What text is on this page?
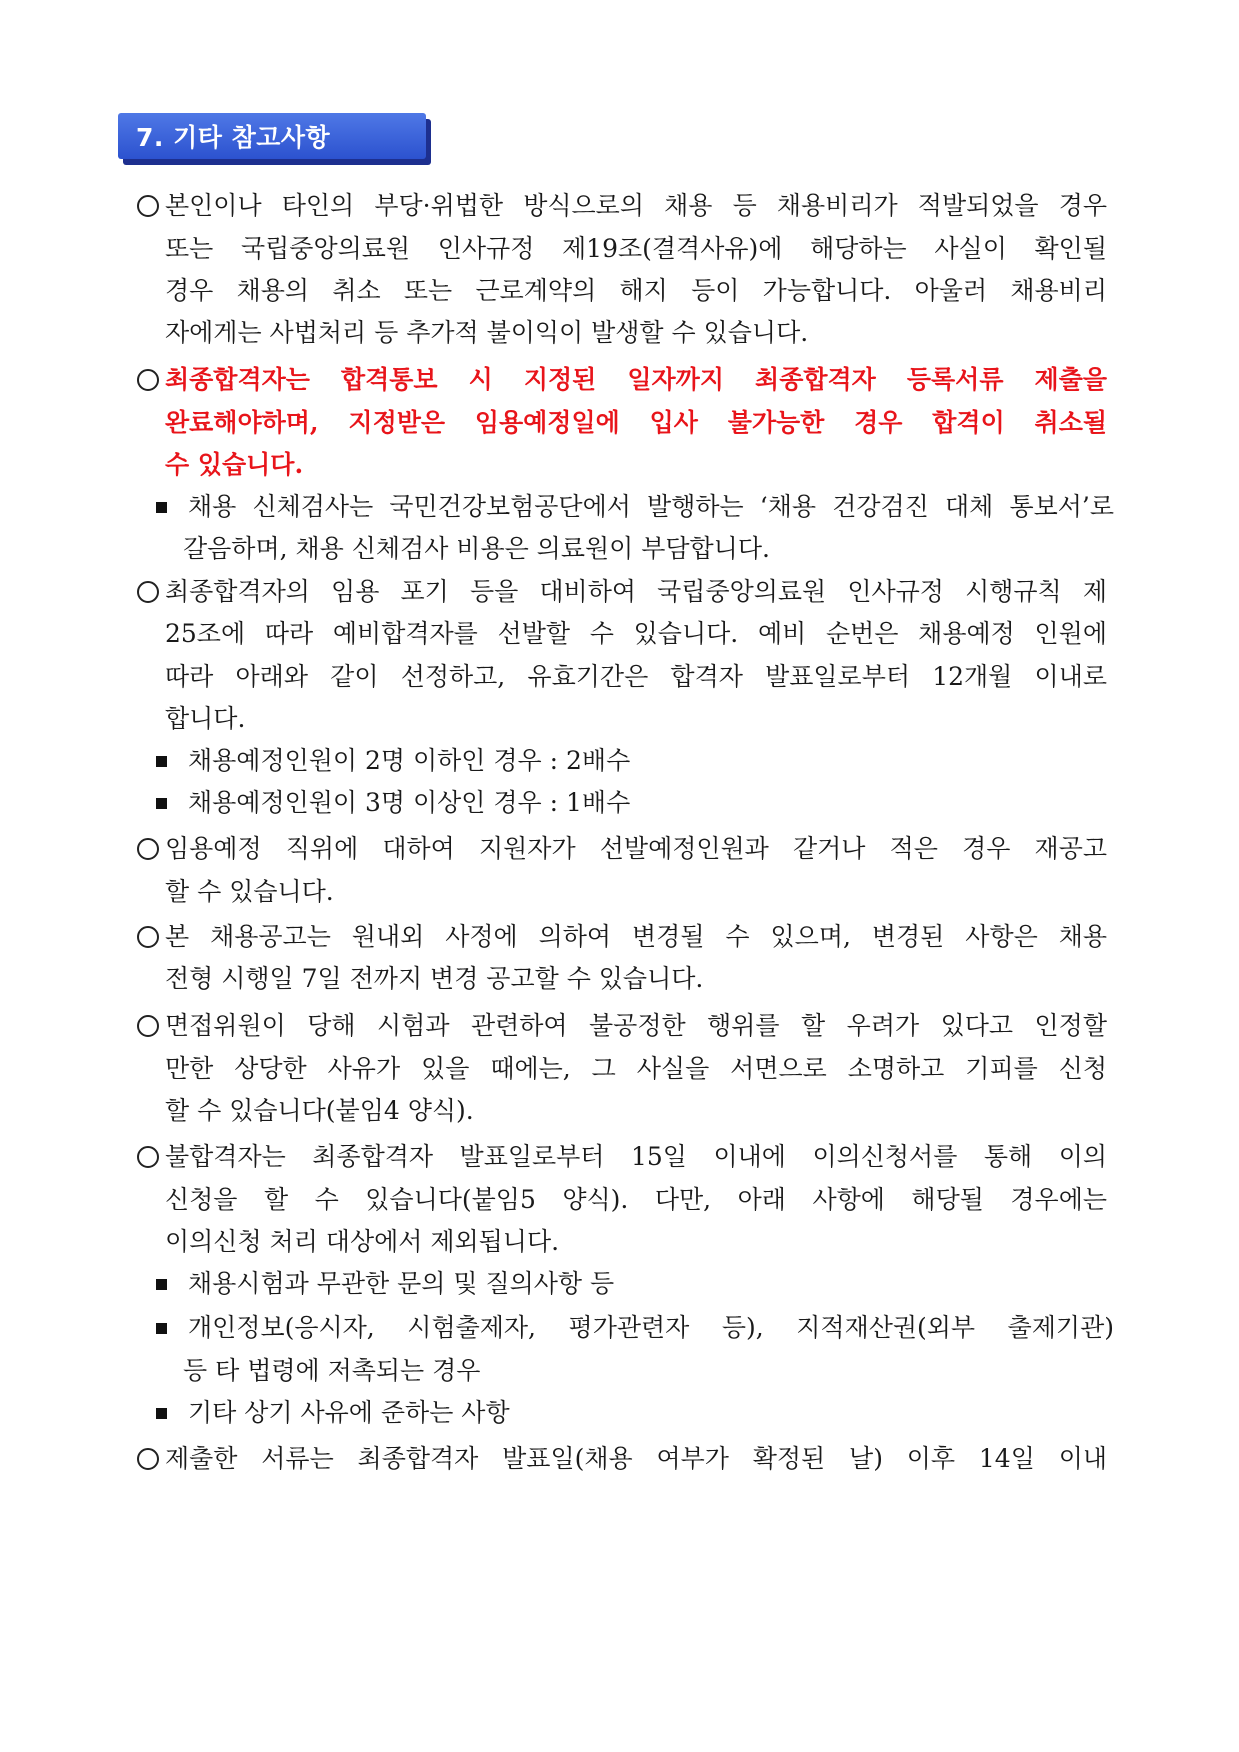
7. 기타 참고사항
본인이나 타인의 부당·위법한 방식으로의 채용 등 채용비리가 적발되었을 경우
또는 국립중앙의료원 인사규정 제19조(결격사유)에 해당하는 사실이 확인될
경우 채용의 취소 또는 근로계약의 해지 등이 가능합니다. 아울러 채용비리
자에게는 사법처리 등 추가적 불이익이 발생할 수 있습니다.
최종합격자는 합격통보 시 지정된 일자까지 최종합격자 등록서류 제출을
완료해야하며, 지정받은 임용예정일에 입사 불가능한 경우 합격이 취소될
수 있습니다.
채용 신체검사는 국민건강보험공단에서 발행하는 ‘채용 건강검진 대체 통보서’로
갈음하며, 채용 신체검사 비용은 의료원이 부담합니다.
최종합격자의 임용 포기 등을 대비하여 국립중앙의료원 인사규정 시행규칙 제
25조에 따라 예비합격자를 선발할 수 있습니다. 예비 순번은 채용예정 인원에
따라 아래와 같이 선정하고, 유효기간은 합격자 발표일로부터 12개월 이내로
합니다.
채용예정인원이 2명 이하인 경우 : 2배수
채용예정인원이 3명 이상인 경우 : 1배수
임용예정 직위에 대하여 지원자가 선발예정인원과 같거나 적은 경우 재공고
할 수 있습니다.
본 채용공고는 원내외 사정에 의하여 변경될 수 있으며, 변경된 사항은 채용
전형 시행일 7일 전까지 변경 공고할 수 있습니다.
면접위원이 당해 시험과 관련하여 불공정한 행위를 할 우려가 있다고 인정할
만한 상당한 사유가 있을 때에는, 그 사실을 서면으로 소명하고 기피를 신청
할 수 있습니다(붙임4 양식).
불합격자는 최종합격자 발표일로부터 15일 이내에 이의신청서를 통해 이의
신청을 할 수 있습니다(붙임5 양식). 다만, 아래 사항에 해당될 경우에는
이의신청 처리 대상에서 제외됩니다.
채용시험과 무관한 문의 및 질의사항 등
개인정보(응시자, 시험출제자, 평가관련자 등), 지적재산권(외부 출제기관)
등 타 법령에 저촉되는 경우
기타 상기 사유에 준하는 사항
제출한 서류는 최종합격자 발표일(채용 여부가 확정된 날) 이후 14일 이내
